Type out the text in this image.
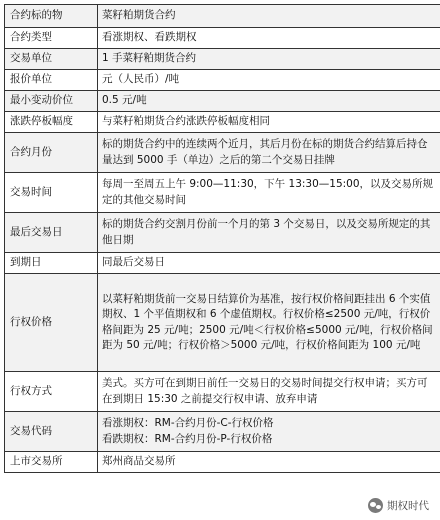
合约标的物	菜籽粕期货合约
合约类型	看涨期权、看跌期权
交易单位	1 手菜籽粕期货合约
报价单位	元（人民币）/吨
最小变动价位	0.5 元/吨
涨跌停板幅度	与菜籽粕期货合约涨跌停板幅度相同
合约月份	标的期货合约中的连续两个近月，其后月份在标的期货合约结算后持仓量达到 5000 手（单边）之后的第二个交易日挂牌
交易时间	每周一至周五上午 9:00—11:30，下午 13:30—15:00，以及交易所规定的其他交易时间
最后交易日	标的期货合约交割月份前一个月的第 3 个交易日，以及交易所规定的其他日期
到期日	同最后交易日
行权价格	以菜籽粕期货前一交易日结算价为基准，按行权价格间距挂出 6 个实值期权、1 个平值期权和 6 个虚值期权。行权价格≤2500 元/吨，行权价格间距为 25 元/吨；2500 元/吨＜行权价格≤5000 元/吨，行权价格间距为 50 元/吨；行权价格＞5000 元/吨，行权价格间距为 100 元/吨
行权方式	美式。买方可在到期日前任一交易日的交易时间提交行权申请；买方可在到期日 15:30 之前提交行权申请、放弃申请
交易代码	看涨期权：RM-合约月份-C-行权价格
看跌期权：RM-合约月份-P-行权价格

上市交易所	郑州商品交易所
期权时代
